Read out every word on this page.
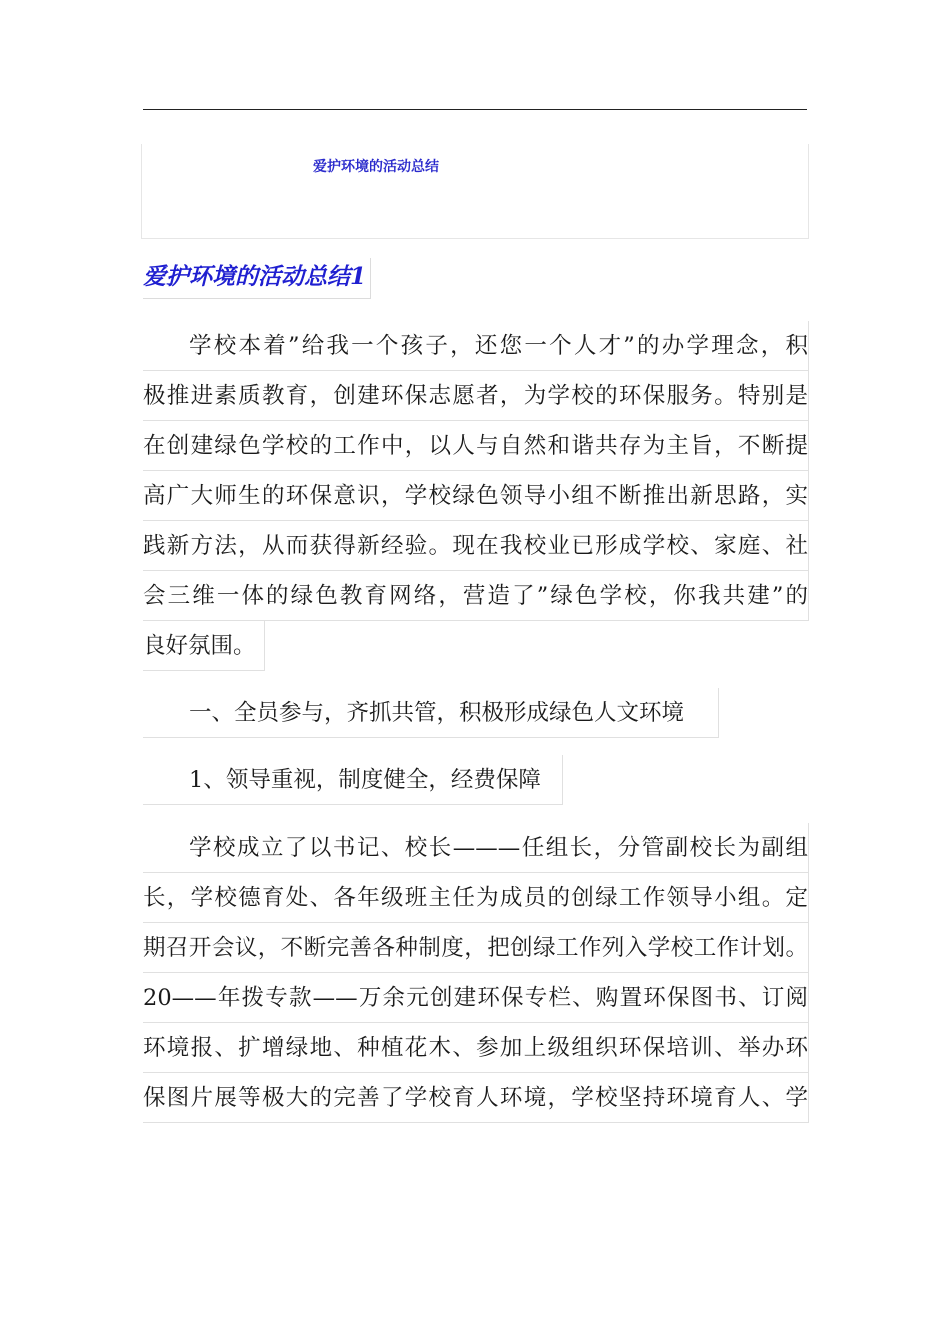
爱护环境的活动总结
爱护环境的活动总结1
学校本着”给我一个孩子，还您一个人才”的办学理念，积
极推进素质教育，创建环保志愿者，为学校的环保服务。特别是
在创建绿色学校的工作中，以人与自然和谐共存为主旨，不断提
高广大师生的环保意识，学校绿色领导小组不断推出新思路，实
践新方法，从而获得新经验。现在我校业已形成学校、家庭、社
会三维一体的绿色教育网络，营造了”绿色学校，你我共建”的
良好氛围。
一、全员参与，齐抓共管，积极形成绿色人文环境
1、领导重视，制度健全，经费保障
学校成立了以书记、校长———任组长，分管副校长为副组
长，学校德育处、各年级班主任为成员的创绿工作领导小组。定
期召开会议，不断完善各种制度，把创绿工作列入学校工作计划。
20——年拨专款——万余元创建环保专栏、购置环保图书、订阅
环境报、扩增绿地、种植花木、参加上级组织环保培训、举办环
保图片展等极大的完善了学校育人环境，学校坚持环境育人、学
